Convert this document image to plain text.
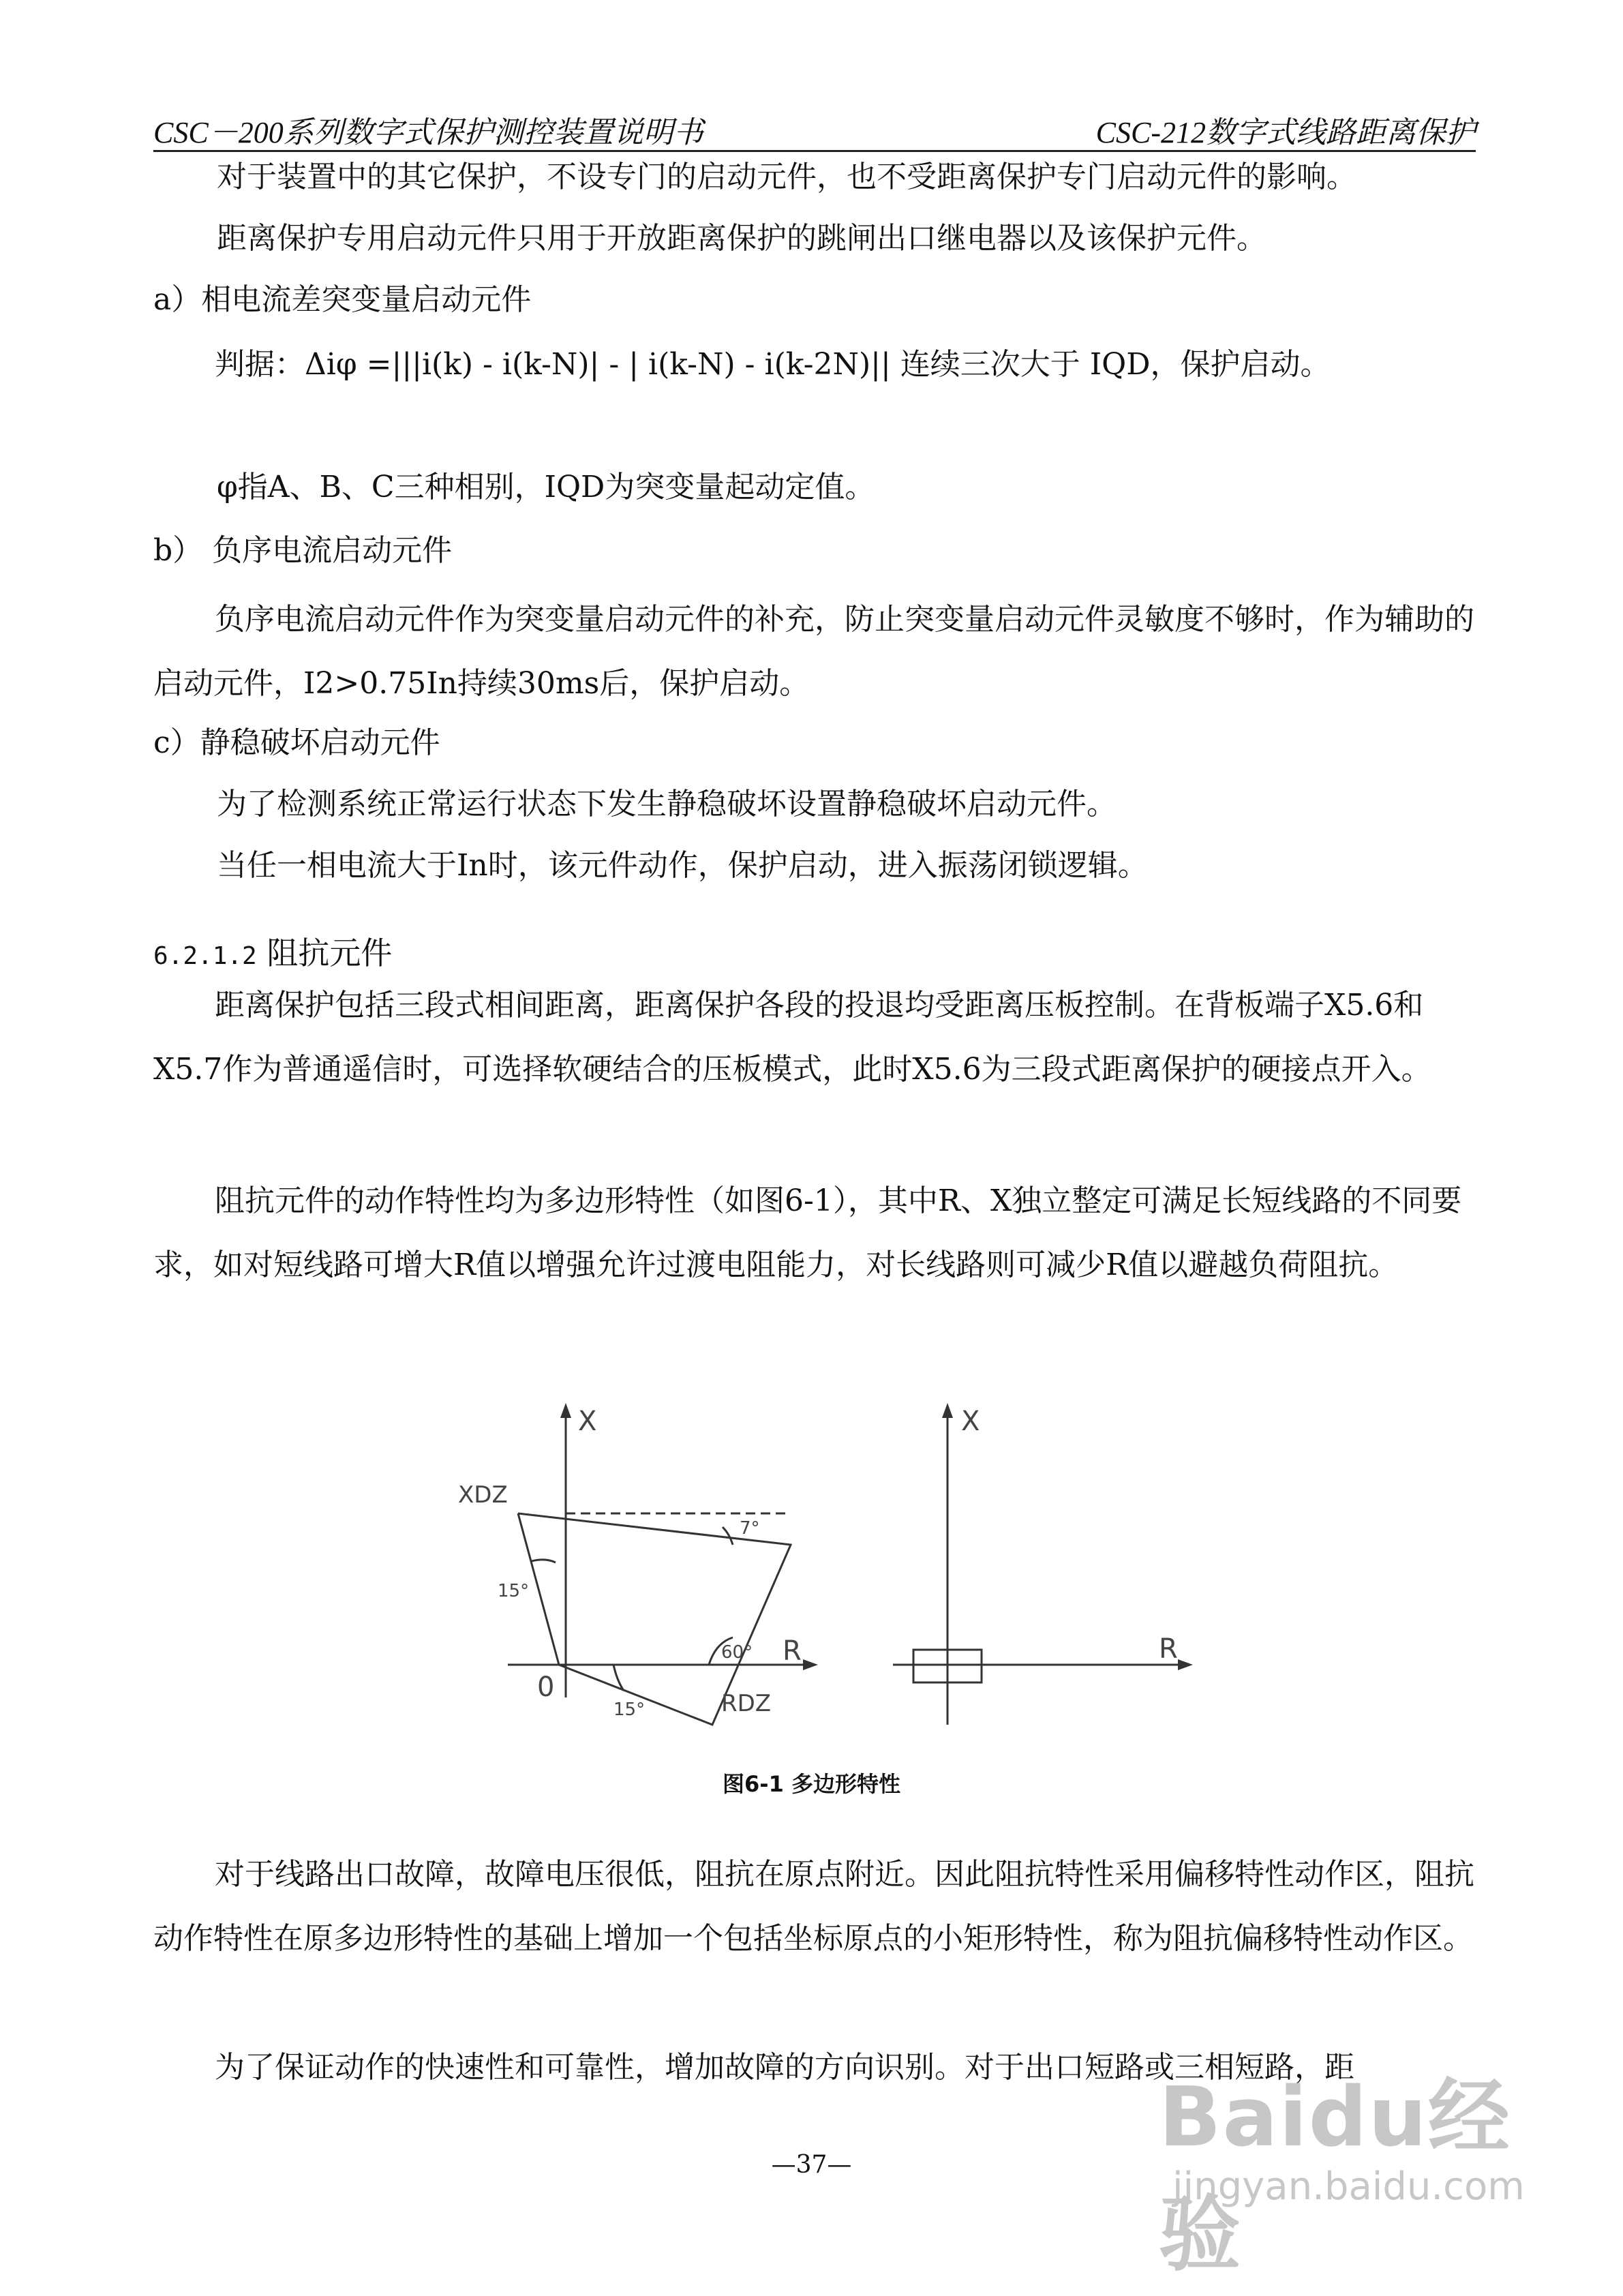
CSC－200系列数字式保护测控装置说明书	CSC-212数字式线路距离保护
对于装置中的其它保护，不设专门的启动元件，也不受距离保护专门启动元件的影响。
距离保护专用启动元件只用于开放距离保护的跳闸出口继电器以及该保护元件。
a）相电流差突变量启动元件

判据：Δiφ =|||i(k) - i(k-N)| - | i(k-N) - i(k-2N)|| 连续三次大于 IQD，保护启动。

φ指A、B、C三种相别，IQD为突变量起动定值。
b） 负序电流启动元件

负序电流启动元件作为突变量启动元件的补充，防止突变量启动元件灵敏度不够时，作为辅助的启动元件，I2>0.75In持续30ms后，保护启动。

c）静稳破坏启动元件
为了检测系统正常运行状态下发生静稳破坏设置静稳破坏启动元件。
当任一相电流大于In时，该元件动作，保护启动，进入振荡闭锁逻辑。
6.2.1.2 阻抗元件

距离保护包括三段式相间距离，距离保护各段的投退均受距离压板控制。在背板端子X5.6和X5.7作为普通遥信时，可选择软硬结合的压板模式，此时X5.6为三段式距离保护的硬接点开入。

阻抗元件的动作特性均为多边形特性（如图6-1），其中R、X独立整定可满足长短线路的不同要求，如对短线路可增大R值以增强允许过渡电阻能力，对长线路则可减少R值以避越负荷阻抗。

X	X
R	R
XDZ
RDZ
0
7°
15°
60°
15°
图6-1 多边形特性

对于线路出口故障，故障电压很低，阻抗在原点附近。因此阻抗特性采用偏移特性动作区，阻抗动作特性在原多边形特性的基础上增加一个包括坐标原点的小矩形特性，称为阻抗偏移特性动作区。

为了保证动作的快速性和可靠性，增加故障的方向识别。对于出口短路或三相短路，距

—37—	Baidu经验
jingyan.baidu.com
